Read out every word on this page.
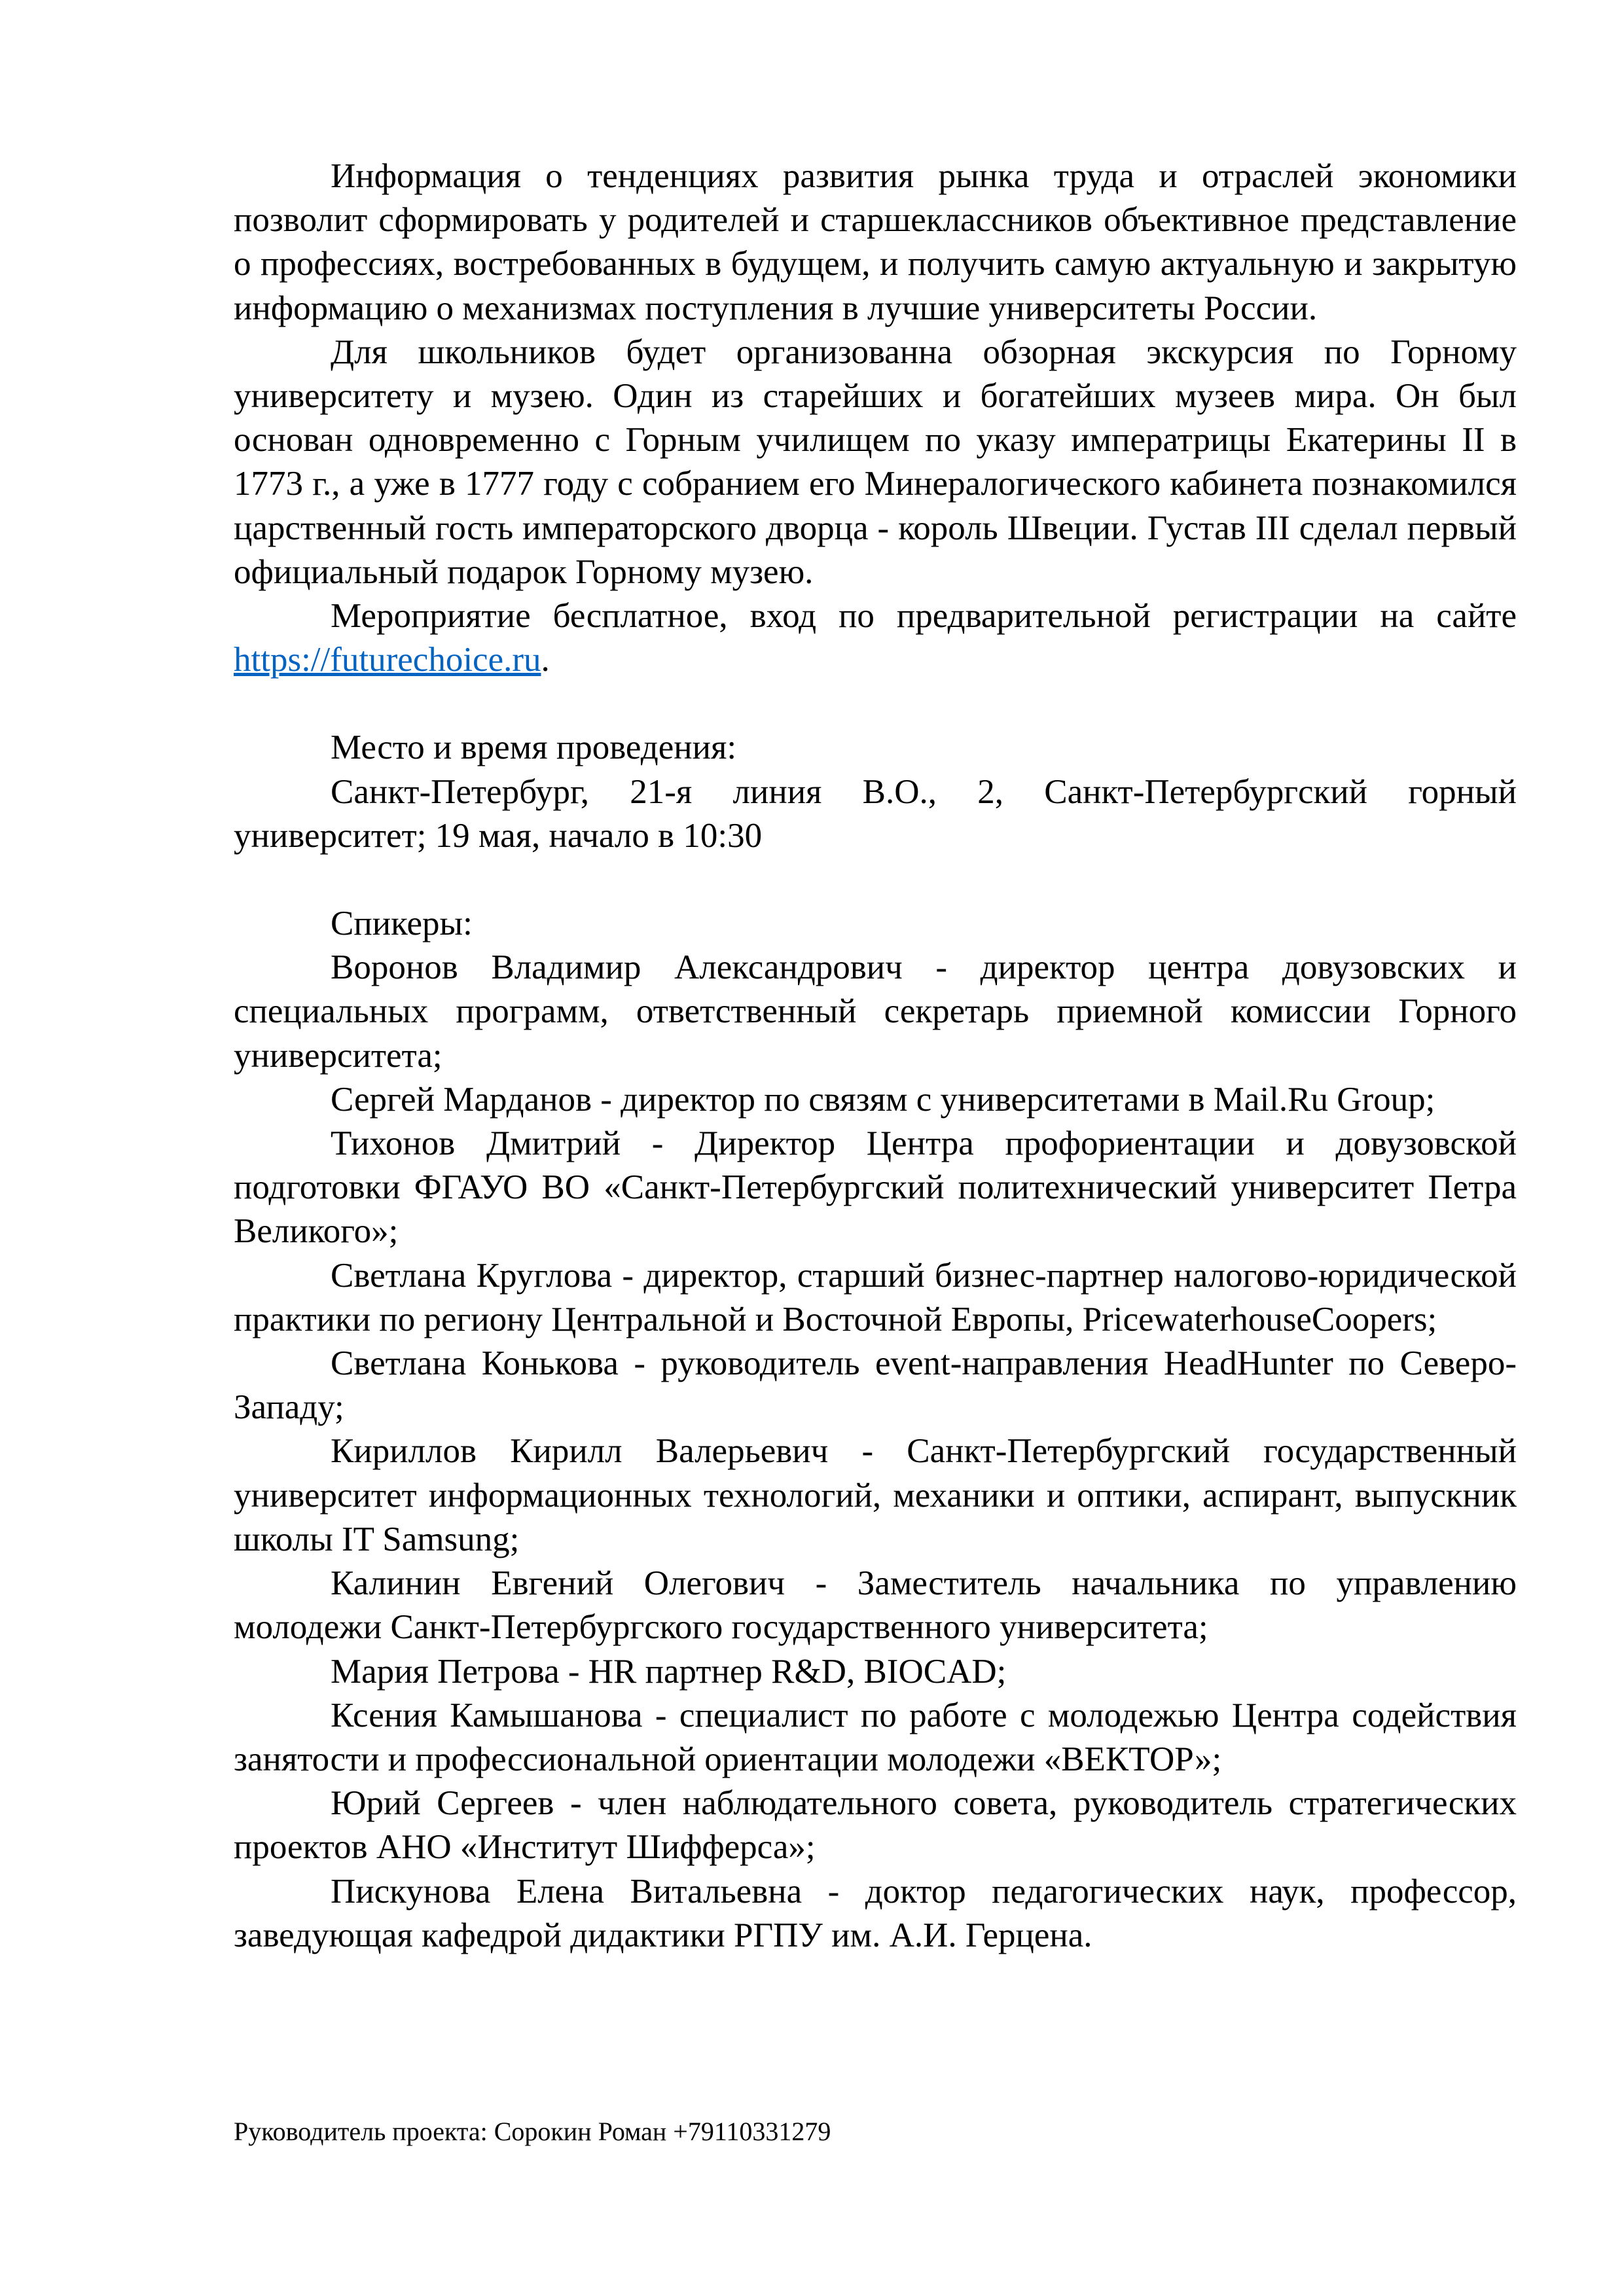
Информация о тенденциях развития рынка труда и отраслей экономики позволит сформировать у родителей и старшеклассников объективное представление о профессиях, востребованных в будущем, и получить самую актуальную и закрытую информацию о механизмах поступления в лучшие университеты России.

Для школьников будет организованна обзорная экскурсия по Горному университету и музею. Один из старейших и богатейших музеев мира. Он был основан одновременно с Горным училищем по указу императрицы Екатерины II в 1773 г., а уже в 1777 году с собранием его Минералогического кабинета познакомился царственный гость императорского дворца - король Швеции. Густав III сделал первый официальный подарок Горному музею.

Мероприятие бесплатное, вход по предварительной регистрации на сайте https://futurechoice.ru.

Место и время проведения:

Санкт-Петербург, 21-я линия В.О., 2, Санкт-Петербургский горный университет; 19 мая, начало в 10:30

Спикеры:

Воронов Владимир Александрович - директор центра довузовских и специальных программ, ответственный секретарь приемной комиссии Горного университета;

Сергей Марданов - директор по связям с университетами в Mail.Ru Group;

Тихонов Дмитрий - Директор Центра профориентации и довузовской подготовки ФГАУО ВО «Санкт-Петербургский политехнический университет Петра Великого»;

Светлана Круглова - директор, старший бизнес-партнер налогово-юридической практики по региону Центральной и Восточной Европы, PricewaterhouseCoopers;

Светлана Конькова - руководитель event-направления HeadHunter по Северо-Западу;

Кириллов Кирилл Валерьевич - Санкт-Петербургский государственный университет информационных технологий, механики и оптики, аспирант, выпускник школы IT Samsung;

Калинин Евгений Олегович - Заместитель начальника по управлению молодежи Санкт-Петербургского государственного университета;

Мария Петрова - HR партнер R&D, BIOCAD;

Ксения Камышанова - специалист по работе с молодежью Центра содействия занятости и профессиональной ориентации молодежи «ВЕКТОР»;

Юрий Сергеев - член наблюдательного совета, руководитель стратегических проектов АНО «Институт Шифферса»;

Пискунова Елена Витальевна - доктор педагогических наук, профессор, заведующая кафедрой дидактики РГПУ им. А.И. Герцена.

Руководитель проекта: Сорокин Роман +79110331279
